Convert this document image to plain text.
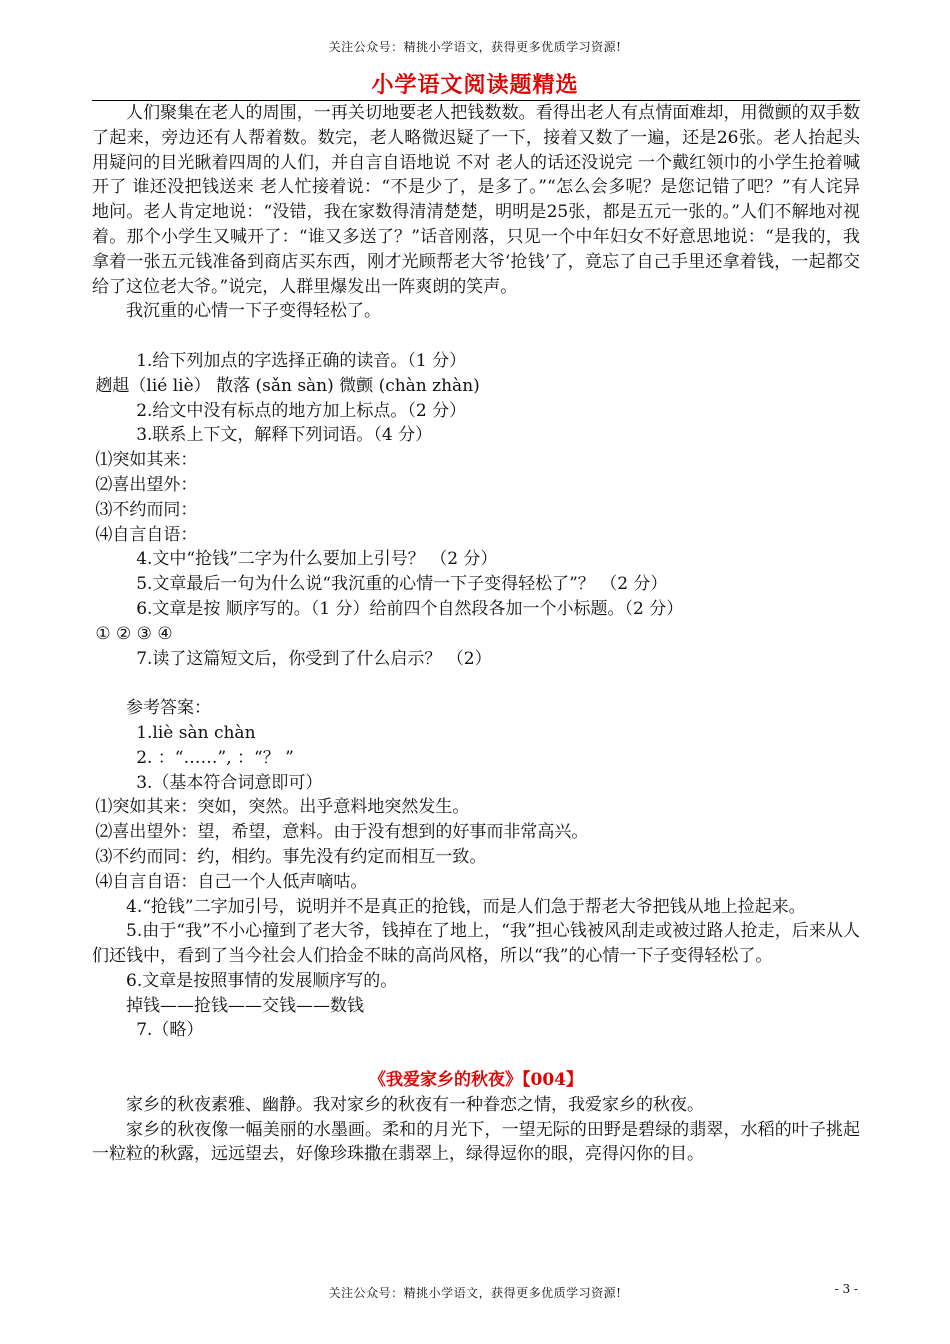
关注公众号：精挑小学语文，获得更多优质学习资源!
小学语文阅读题精选

人们聚集在老人的周围，一再关切地要老人把钱数数。看得出老人有点情面难却，用微颤的双手数了起来，旁边还有人帮着数。数完，老人略微迟疑了一下，接着又数了一遍，还是26张。老人抬起头用疑问的目光瞅着四周的人们，并自言自语地说 不对 老人的话还没说完 一个戴红领巾的小学生抢着喊开了 谁还没把钱送来 老人忙接着说：“不是少了，是多了。”“怎么会多呢？是您记错了吧？”有人诧异地问。老人肯定地说：“没错，我在家数得清清楚楚，明明是25张，都是五元一张的。”人们不解地对视着。那个小学生又喊开了：“谁又多送了？”话音刚落，只见一个中年妇女不好意思地说：“是我的，我拿着一张五元钱准备到商店买东西，刚才光顾帮老大爷‘抢钱’了，竟忘了自己手里还拿着钱，一起都交给了这位老大爷。”说完，人群里爆发出一阵爽朗的笑声。

我沉重的心情一下子变得轻松了。

1.给下列加点的字选择正确的读音。（1 分）

趔趄（lié liè） 散落 (sǎn sàn) 微颤 (chàn zhàn)

2.给文中没有标点的地方加上标点。（2 分）

3.联系上下文，解释下列词语。（4 分）

⑴突如其来：

⑵喜出望外：

⑶不约而同：

⑷自言自语：

4.文中“抢钱”二字为什么要加上引号？ （2 分）

5.文章最后一句为什么说“我沉重的心情一下子变得轻松了”？ （2 分）

6.文章是按 顺序写的。（1 分）给前四个自然段各加一个小标题。（2 分）

① ② ③ ④

7.读了这篇短文后，你受到了什么启示？ （2）

参考答案：

1.liè sàn chàn

2. ：“……”, ：“？ ”

3.（基本符合词意即可）

⑴突如其来：突如，突然。出乎意料地突然发生。

⑵喜出望外：望，希望，意料。由于没有想到的好事而非常高兴。

⑶不约而同：约，相约。事先没有约定而相互一致。

⑷自言自语：自己一个人低声嘀咕。

4.“抢钱”二字加引号，说明并不是真正的抢钱，而是人们急于帮老大爷把钱从地上捡起来。

5.由于“我”不小心撞到了老大爷，钱掉在了地上，“我”担心钱被风刮走或被过路人抢走，后来从人们还钱中，看到了当今社会人们拾金不昧的高尚风格，所以“我”的心情一下子变得轻松了。

6.文章是按照事情的发展顺序写的。

掉钱——抢钱——交钱——数钱

7.（略）

《我爱家乡的秋夜》【004】

家乡的秋夜素雅、幽静。我对家乡的秋夜有一种眷恋之情，我爱家乡的秋夜。

家乡的秋夜像一幅美丽的水墨画。柔和的月光下，一望无际的田野是碧绿的翡翠，水稻的叶子挑起一粒粒的秋露，远远望去，好像珍珠撒在翡翠上，绿得逗你的眼，亮得闪你的目。

关注公众号：精挑小学语文，获得更多优质学习资源!	- 3 -
